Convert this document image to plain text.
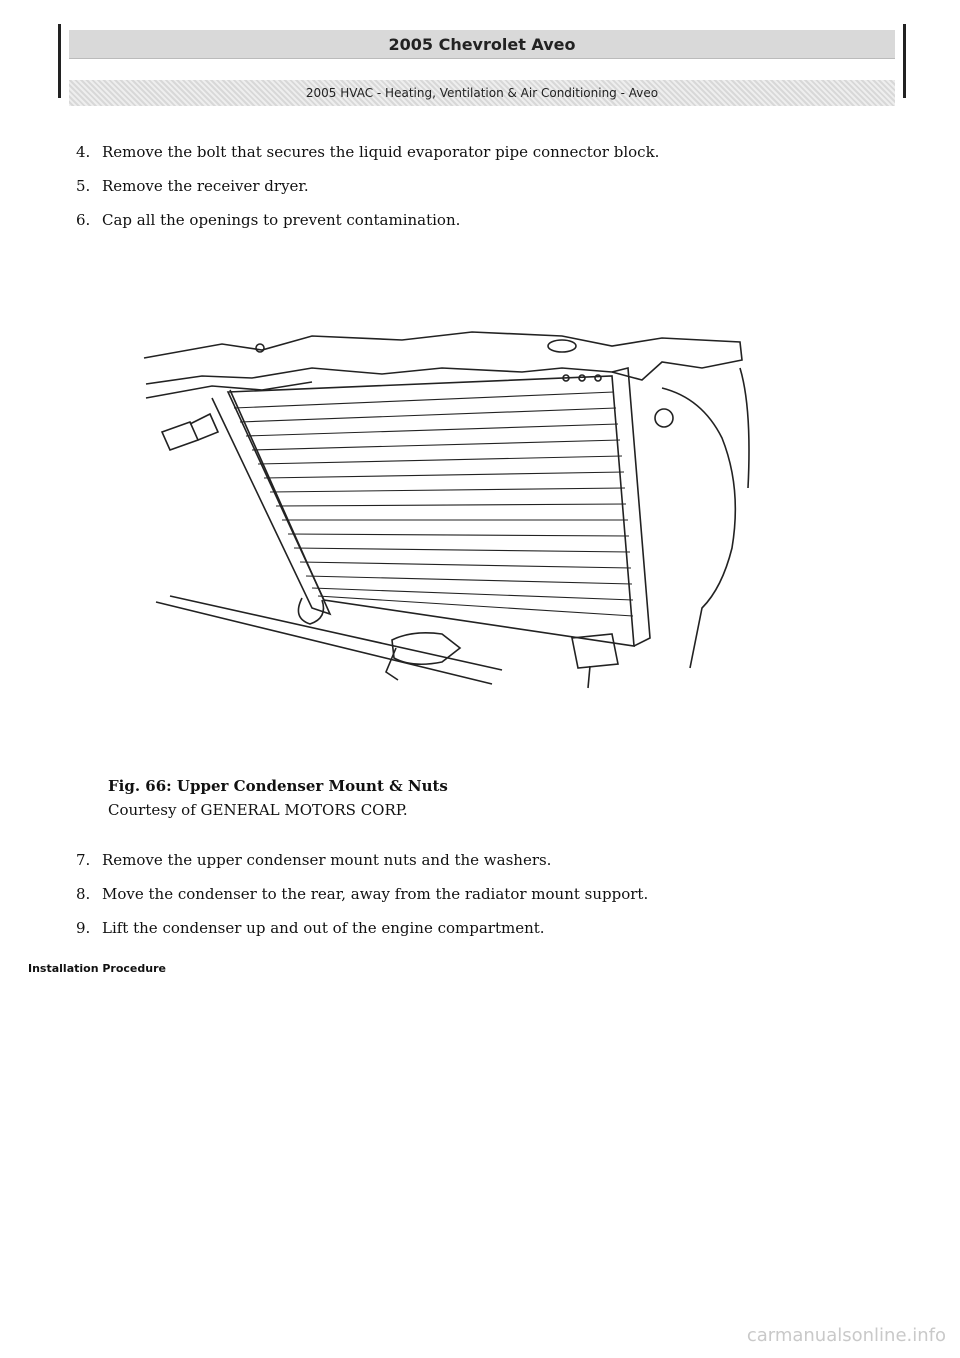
2005 Chevrolet Aveo
2005 HVAC - Heating, Ventilation & Air Conditioning - Aveo
4. Remove the bolt that secures the liquid evaporator pipe connector block.
5. Remove the receiver dryer.
6. Cap all the openings to prevent contamination.
Fig. 66: Upper Condenser Mount & Nuts
Courtesy of GENERAL MOTORS CORP.
7. Remove the upper condenser mount nuts and the washers.
8. Move the condenser to the rear, away from the radiator mount support.
9. Lift the condenser up and out of the engine compartment.
Installation Procedure
carmanualsonline.info
